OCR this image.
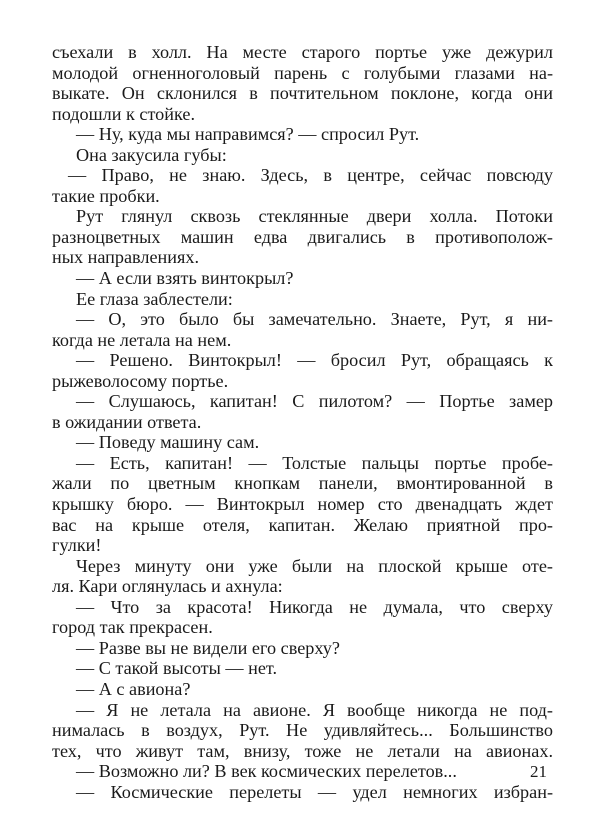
съехали в холл. На месте старого портье уже дежурил
молодой огненноголовый парень с голубыми глазами на-
выкате. Он склонился в почтительном поклоне, когда они
подошли к стойке.
— Ну, куда мы направимся? — спросил Рут.
Она закусила губы:
— Право, не знаю. Здесь, в центре, сейчас повсюду
такие пробки.
Рут глянул сквозь стеклянные двери холла. Потоки
разноцветных машин едва двигались в противополож-
ных направлениях.
— А если взять винтокрыл?
Ее глаза заблестели:
— О, это было бы замечательно. Знаете, Рут, я ни-
когда не летала на нем.
— Решено. Винтокрыл! — бросил Рут, обращаясь к
рыжеволосому портье.
— Слушаюсь, капитан! С пилотом? — Портье замер
в ожидании ответа.
— Поведу машину сам.
— Есть, капитан! — Толстые пальцы портье пробе-
жали по цветным кнопкам панели, вмонтированной в
крышку бюро. — Винтокрыл номер сто двенадцать ждет
вас на крыше отеля, капитан. Желаю приятной про-
гулки!
Через минуту они уже были на плоской крыше оте-
ля. Кари оглянулась и ахнула:
— Что за красота! Никогда не думала, что сверху
город так прекрасен.
— Разве вы не видели его сверху?
— С такой высоты — нет.
— А с авиона?
— Я не летала на авионе. Я вообще никогда не под-
нималась в воздух, Рут. Не удивляйтесь... Большинство
тех, что живут там, внизу, тоже не летали на авионах.
— Возможно ли? В век космических перелетов...
— Космические перелеты — удел немногих избран-
21
